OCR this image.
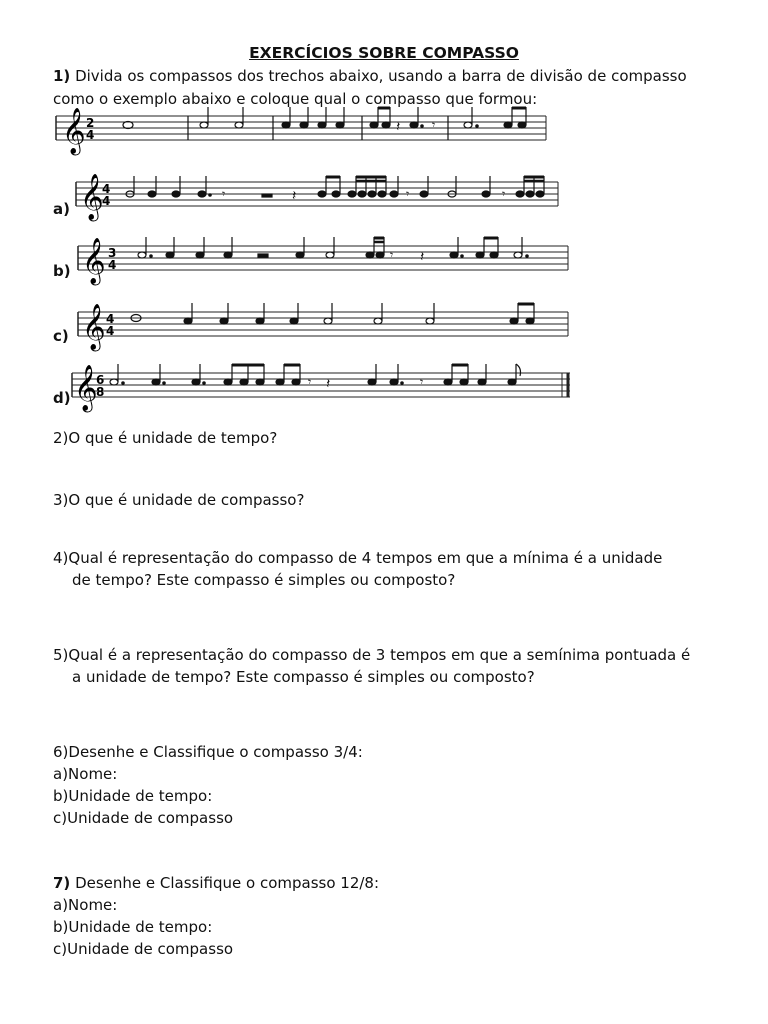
EXERCÍCIOS SOBRE COMPASSO
1) Divida os compassos dos trechos abaixo, usando a barra de divisão de compasso
como o exemplo abaixo e coloque qual o compasso que formou:
𝄞 2
4	𝄽	𝄾
a) 𝄞
4
4	𝄾	𝄽	𝄾	𝄾
b) 𝄞 3
4
𝄾 𝄽
c) 𝄞 4
4
d) 𝄞
6
8
𝄾 𝄽	𝄾
2)O que é unidade de tempo?
3)O que é unidade de compasso?
4)Qual é representação do compasso de 4 tempos em que a mínima é a unidade
de tempo? Este compasso é simples ou composto?
5)Qual é a representação do compasso de 3 tempos em que a semínima pontuada é
a unidade de tempo? Este compasso é simples ou composto?
6)Desenhe e Classifique o compasso 3/4:
a)Nome:
b)Unidade de tempo:
c)Unidade de compasso
7) Desenhe e Classifique o compasso 12/8:
a)Nome:
b)Unidade de tempo:
c)Unidade de compasso
